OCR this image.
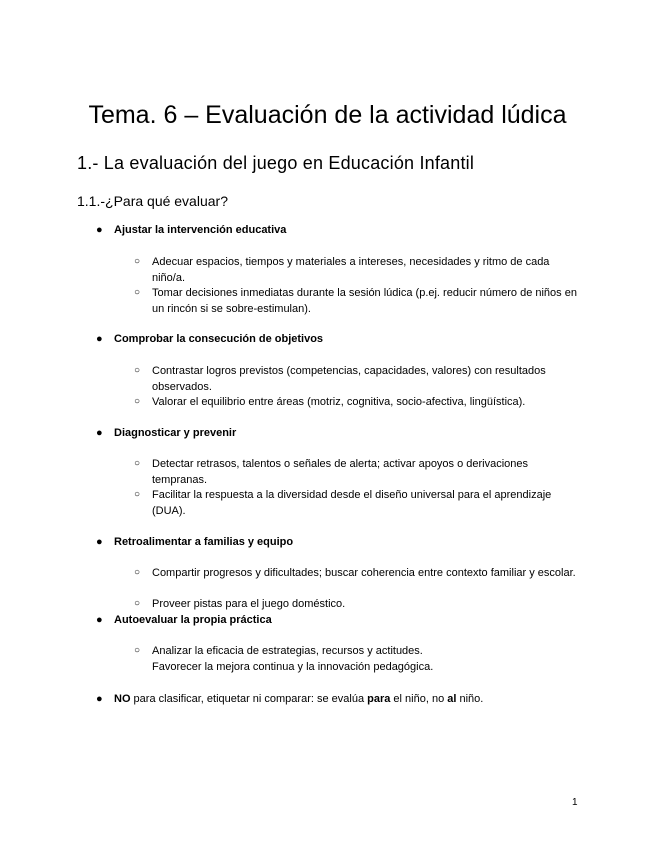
Tema. 6 – Evaluación de la actividad lúdica
1.- La evaluación del juego en Educación Infantil
1.1.-¿Para qué evaluar?
● Ajustar la intervención educativa
○ Adecuar espacios, tiempos y materiales a intereses, necesidades y ritmo de cada niño/a.
○ Tomar decisiones inmediatas durante la sesión lúdica (p.ej. reducir número de niños en un rincón si se sobre-estimulan).
● Comprobar la consecución de objetivos
○ Contrastar logros previstos (competencias, capacidades, valores) con resultados observados.
○ Valorar el equilibrio entre áreas (motriz, cognitiva, socio-afectiva, lingüística).
● Diagnosticar y prevenir
○ Detectar retrasos, talentos o señales de alerta; activar apoyos o derivaciones tempranas.
○ Facilitar la respuesta a la diversidad desde el diseño universal para el aprendizaje (DUA).
● Retroalimentar a familias y equipo
○ Compartir progresos y dificultades; buscar coherencia entre contexto familiar y escolar.
○ Proveer pistas para el juego doméstico.
● Autoevaluar la propia práctica
○ Analizar la eficacia de estrategias, recursos y actitudes.
Favorecer la mejora continua y la innovación pedagógica.
● NO para clasificar, etiquetar ni comparar: se evalúa para el niño, no al niño.
1
